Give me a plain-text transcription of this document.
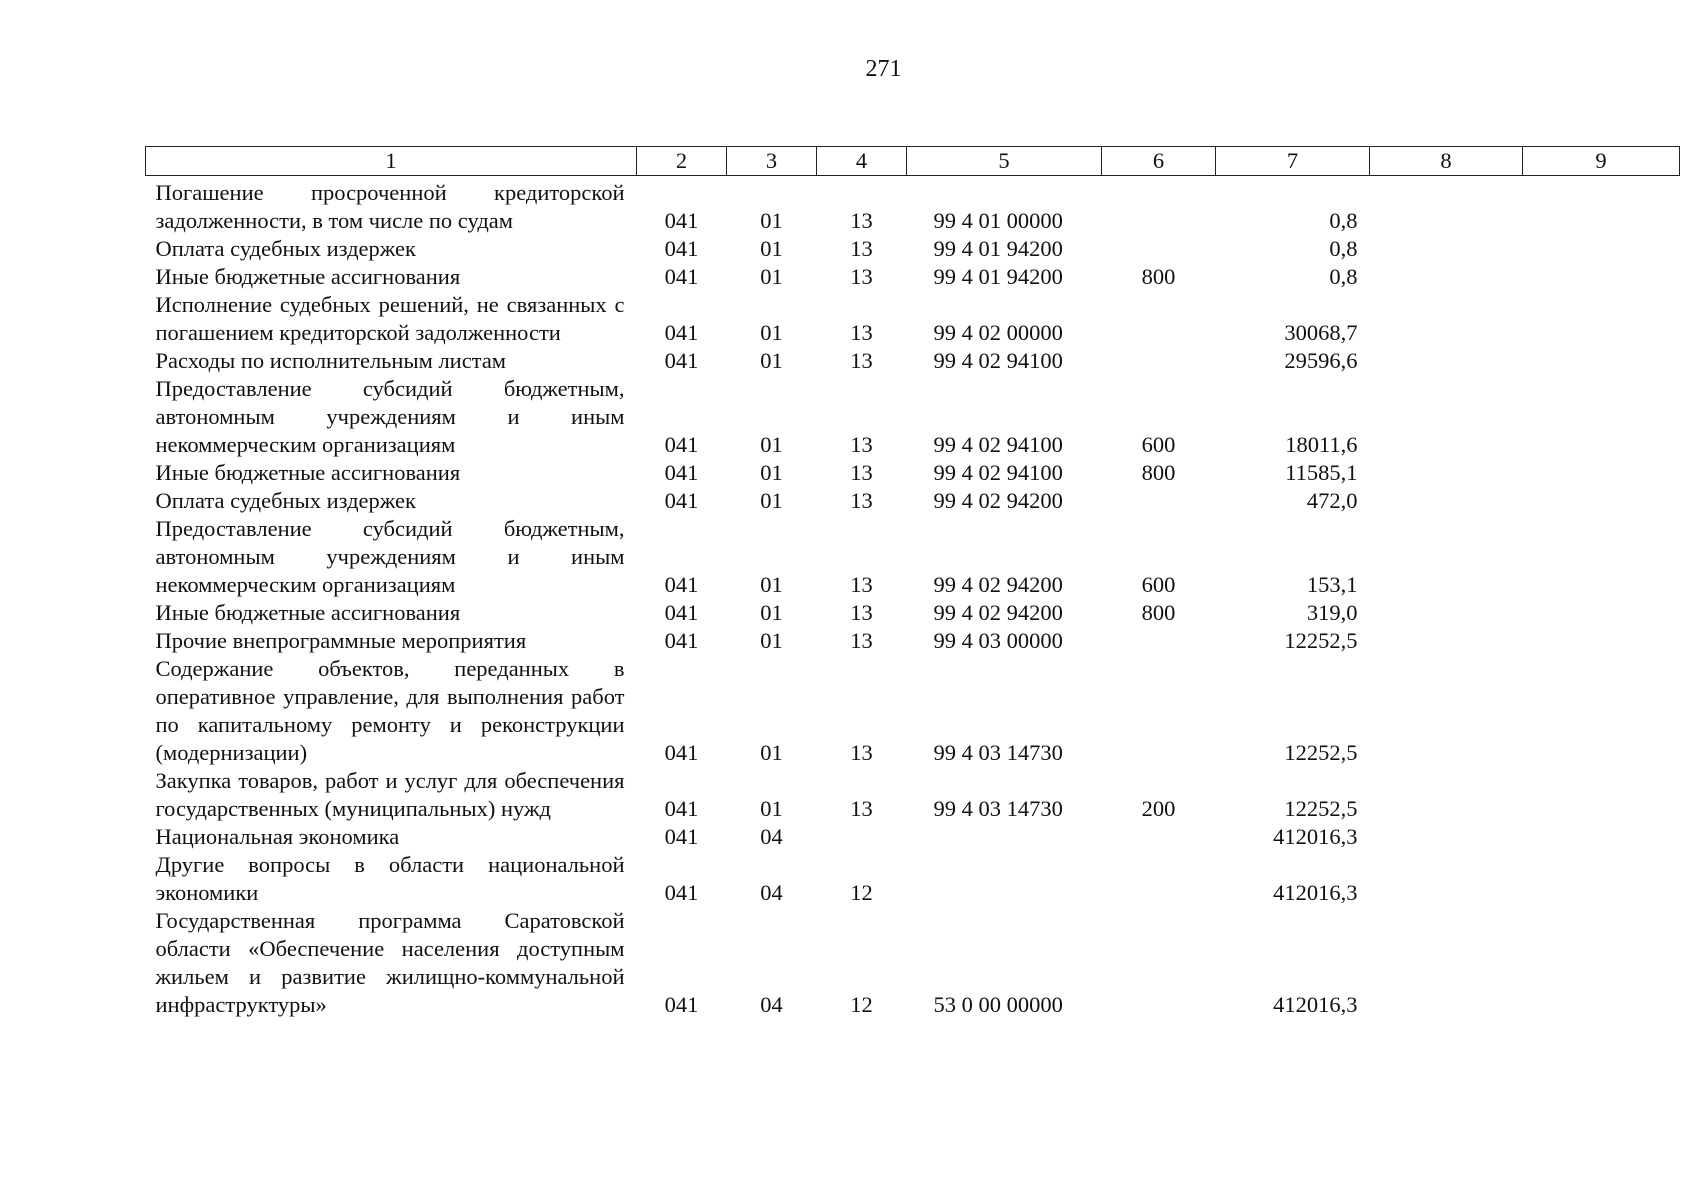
271
1	2	3	4	5	6	7	8	9
Погашение просроченной кредиторской задолженности, в том числе по судам	041	01	13	99 4 01 00000		0,8		
Оплата судебных издержек	041	01	13	99 4 01 94200		0,8		
Иные бюджетные ассигнования	041	01	13	99 4 01 94200	800	0,8		
Исполнение судебных решений, не связанных с погашением кредиторской задолженности	041	01	13	99 4 02 00000		30068,7		
Расходы по исполнительным листам	041	01	13	99 4 02 94100		29596,6		
Предоставление субсидий бюджетным, автономным учреждениям и иным некоммерческим организациям	041	01	13	99 4 02 94100	600	18011,6		
Иные бюджетные ассигнования	041	01	13	99 4 02 94100	800	11585,1		
Оплата судебных издержек	041	01	13	99 4 02 94200		472,0		
Предоставление субсидий бюджетным, автономным учреждениям и иным некоммерческим организациям	041	01	13	99 4 02 94200	600	153,1		
Иные бюджетные ассигнования	041	01	13	99 4 02 94200	800	319,0		
Прочие внепрограммные мероприятия	041	01	13	99 4 03 00000		12252,5		
Содержание объектов, переданных в оперативное управление, для выполнения работ по капитальному ремонту и реконструкции (модернизации)	041	01	13	99 4 03 14730		12252,5		
Закупка товаров, работ и услуг для обеспечения государственных (муниципальных) нужд	041	01	13	99 4 03 14730	200	12252,5		
Национальная экономика	041	04				412016,3		
Другие вопросы в области национальной экономики	041	04	12			412016,3		
Государственная программа Саратовской области «Обеспечение населения доступным жильем и развитие жилищно-коммунальной инфраструктуры»	041	04	12	53 0 00 00000		412016,3		
